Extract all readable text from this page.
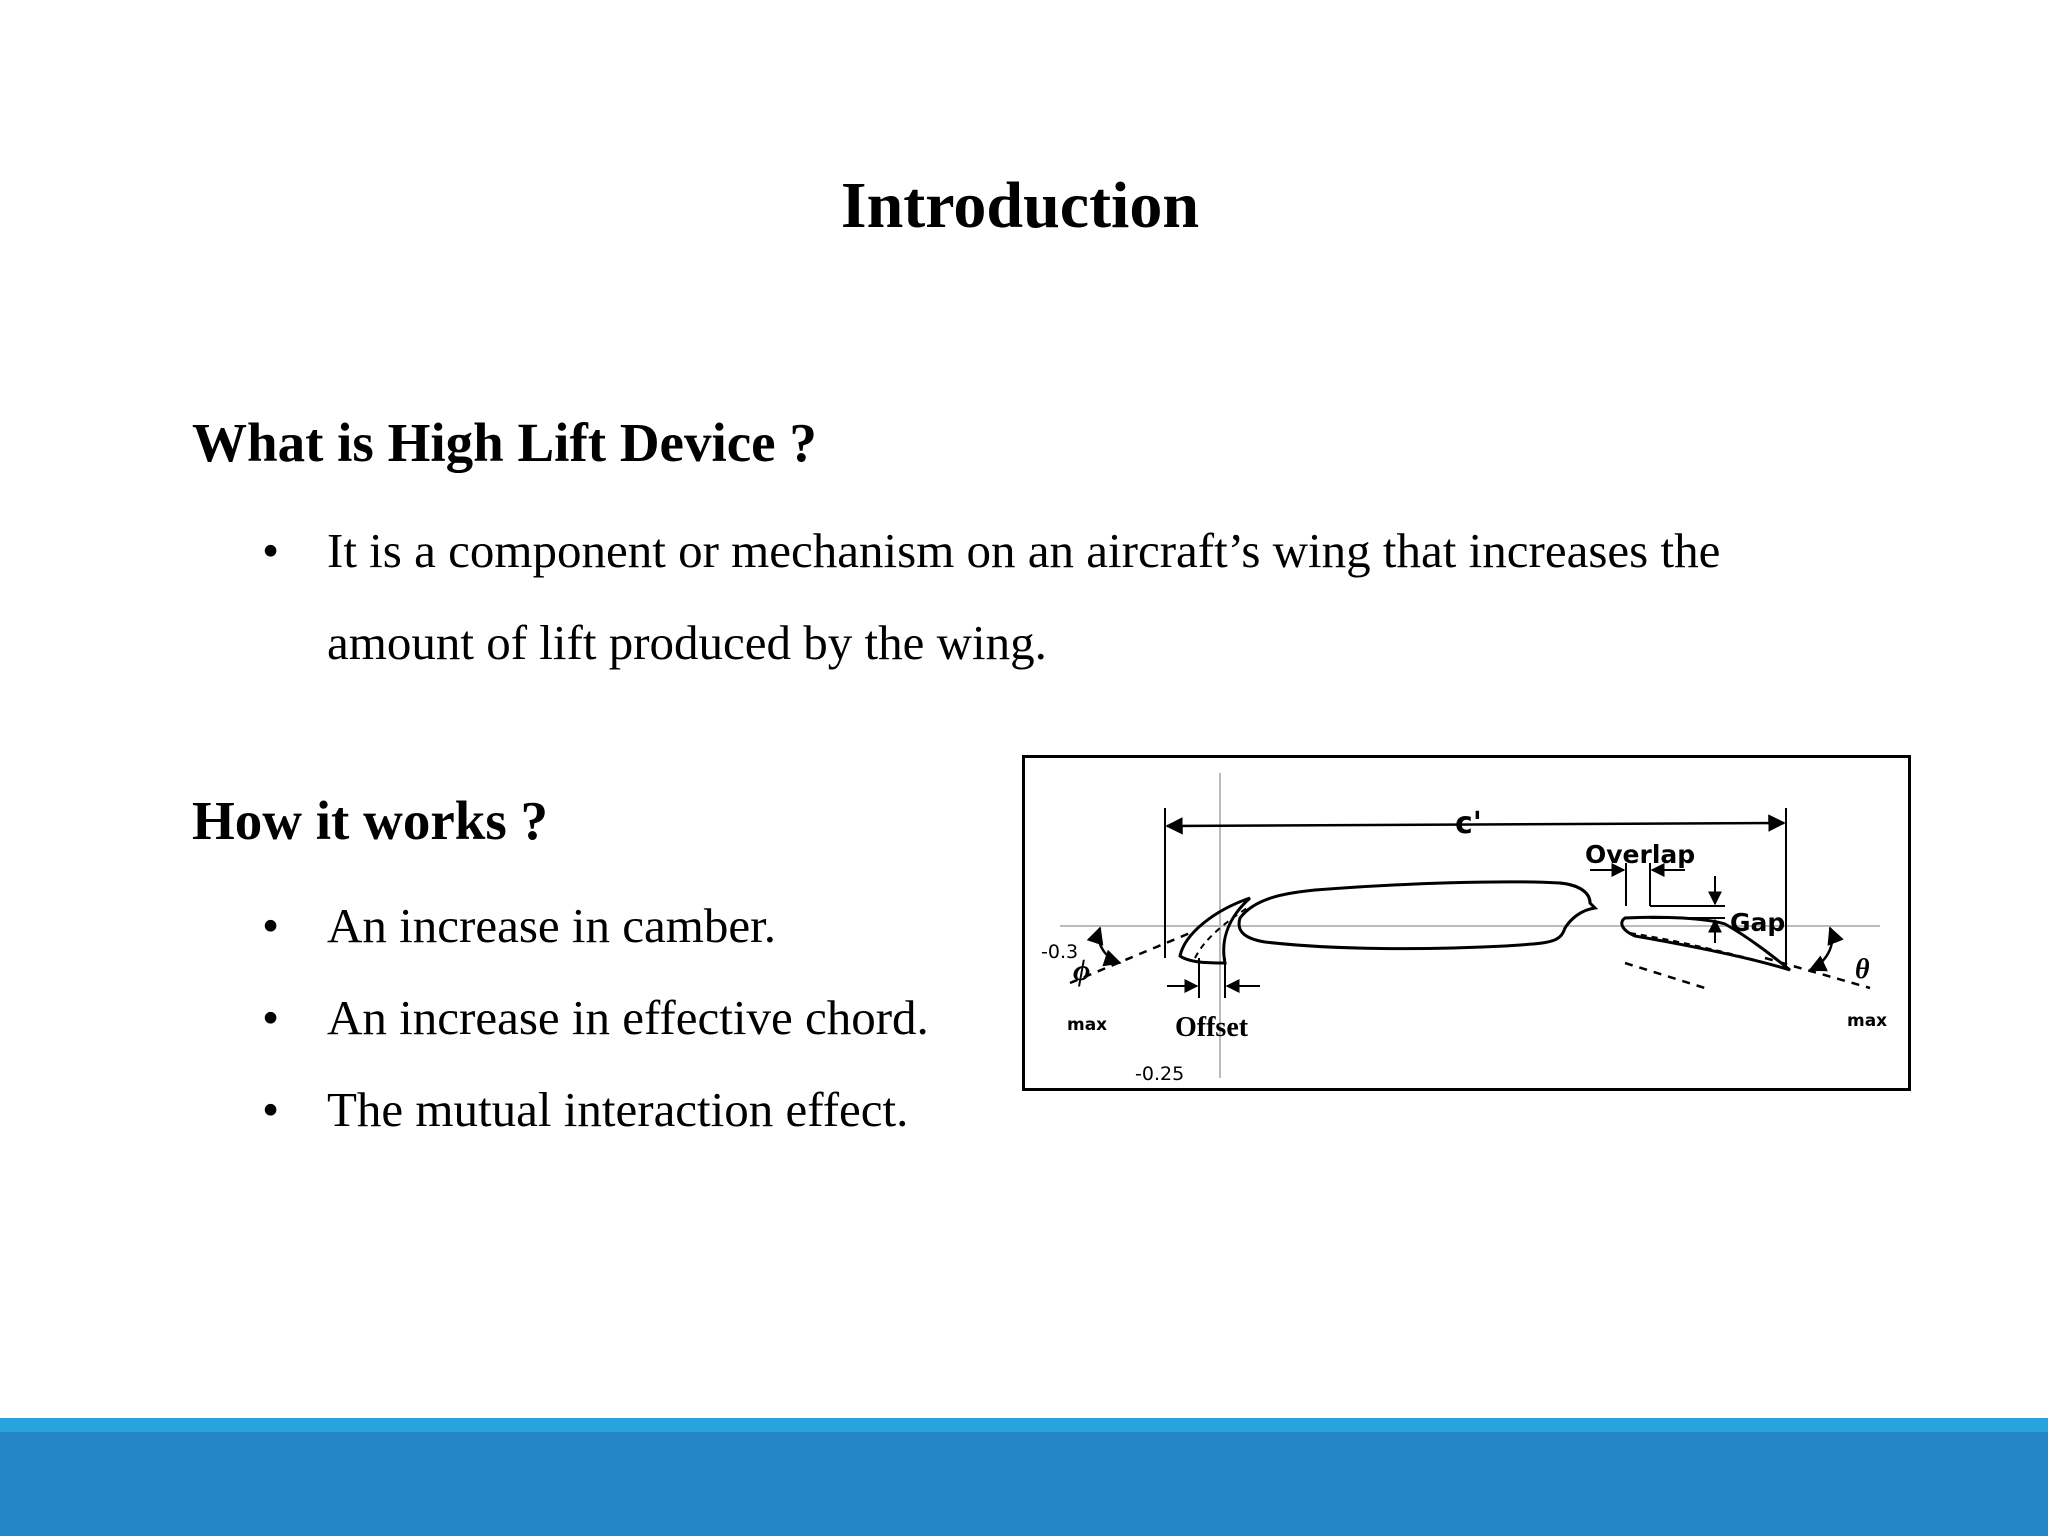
Introduction
What is High Lift Device ?
• It is a component or mechanism on an aircraft’s wing that increases the amount of lift produced by the wing.
How it works ?
• An increase in camber.
• An increase in effective chord.
• The mutual interaction effect.
c'
Overlap
Gap
Offset
ϕ
max
θ
max
-0.3
-0.25
